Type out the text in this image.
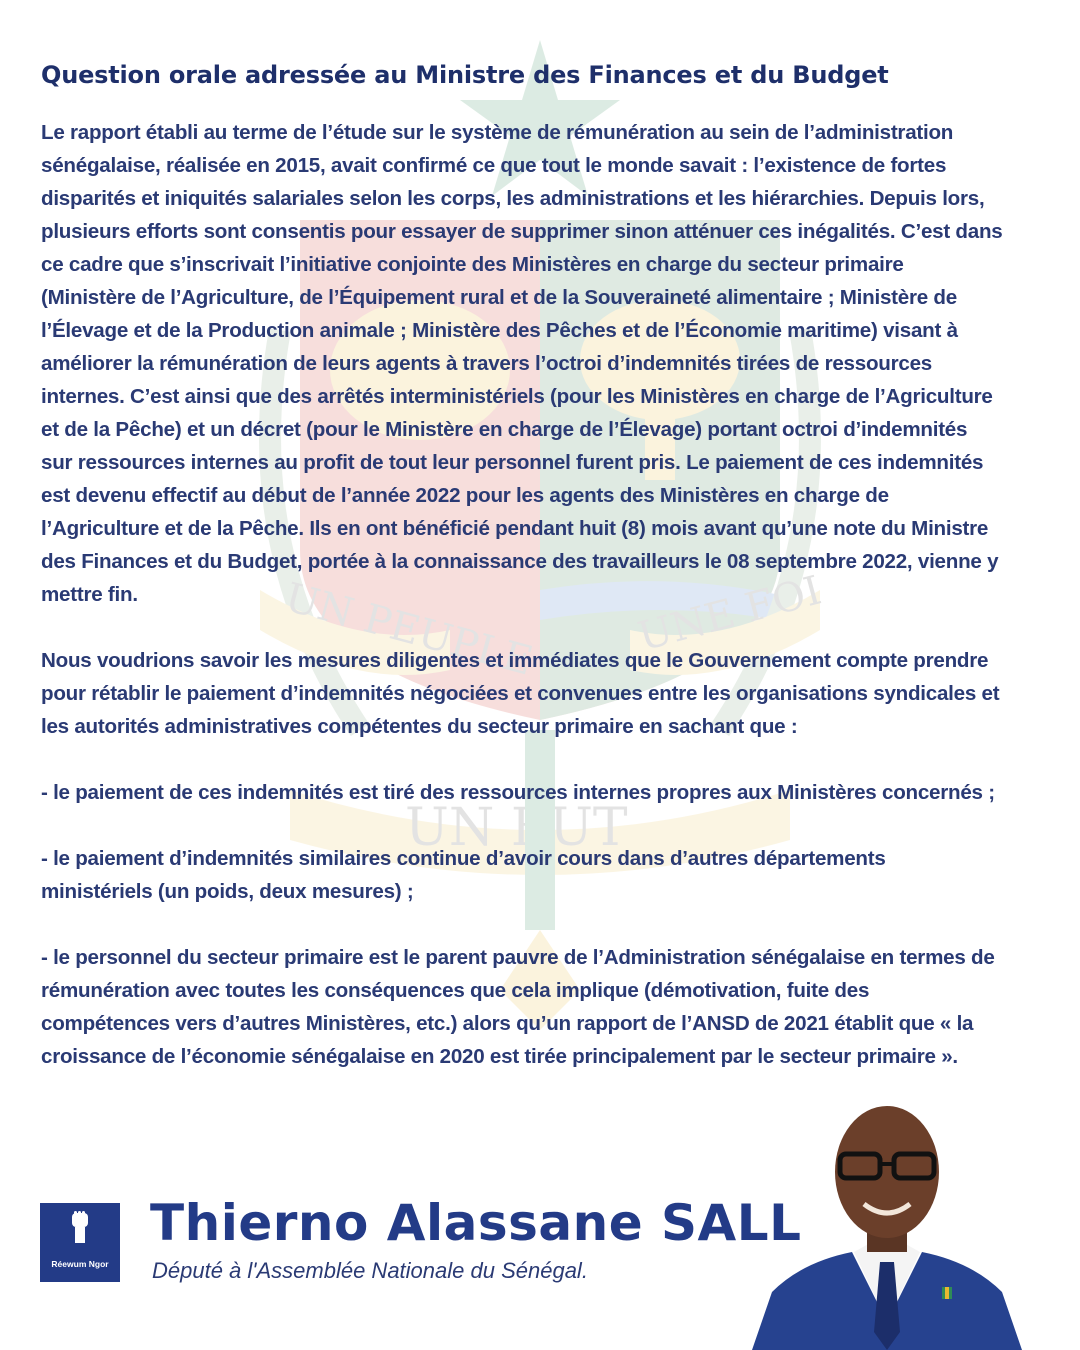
UN PEUPLE UNE FOI
UN BUT
Question orale adressée au Ministre des Finances et du Budget
Le rapport établi au terme de l’étude sur le système de rémunération au sein de l’administration
sénégalaise, réalisée en 2015, avait confirmé ce que tout le monde savait : l’existence de fortes
disparités et iniquités salariales selon les corps, les administrations et les hiérarchies. Depuis lors,
plusieurs efforts sont consentis pour essayer de supprimer sinon atténuer ces inégalités. C’est dans
ce cadre que s’inscrivait l’initiative conjointe des Ministères en charge du secteur primaire
(Ministère de l’Agriculture, de l’Équipement rural et de la Souveraineté alimentaire ; Ministère de
l’Élevage et de la Production animale ; Ministère des Pêches et de l’Économie maritime) visant à
améliorer la rémunération de leurs agents à travers l’octroi d’indemnités tirées de ressources
internes. C’est ainsi que des arrêtés interministériels (pour les Ministères en charge de l’Agriculture
et de la Pêche) et un décret (pour le Ministère en charge de l’Élevage) portant octroi d’indemnités
sur ressources internes au profit de tout leur personnel furent pris. Le paiement de ces indemnités
est devenu effectif au début de l’année 2022 pour les agents des Ministères en charge de
l’Agriculture et de la Pêche. Ils en ont bénéficié pendant huit (8) mois avant qu’une note du Ministre
des Finances et du Budget, portée à la connaissance des travailleurs le 08 septembre 2022, vienne y
mettre fin.
Nous voudrions savoir les mesures diligentes et immédiates que le Gouvernement compte prendre
pour rétablir le paiement d’indemnités négociées et convenues entre les organisations syndicales et
les autorités administratives compétentes du secteur primaire en sachant que :
- le paiement de ces indemnités est tiré des ressources internes propres aux Ministères concernés ;
- le paiement d’indemnités similaires continue d’avoir cours dans d’autres départements
ministériels (un poids, deux mesures) ;
- le personnel du secteur primaire est le parent pauvre de l’Administration sénégalaise en termes de
rémunération avec toutes les conséquences que cela implique (démotivation, fuite des
compétences vers d’autres Ministères, etc.) alors qu’un rapport de l’ANSD de 2021 établit que « la
croissance de l’économie sénégalaise en 2020 est tirée principalement par le secteur primaire ».
Réewum Ngor
Thierno Alassane SALL

Député à l'Assemblée Nationale du Sénégal.
